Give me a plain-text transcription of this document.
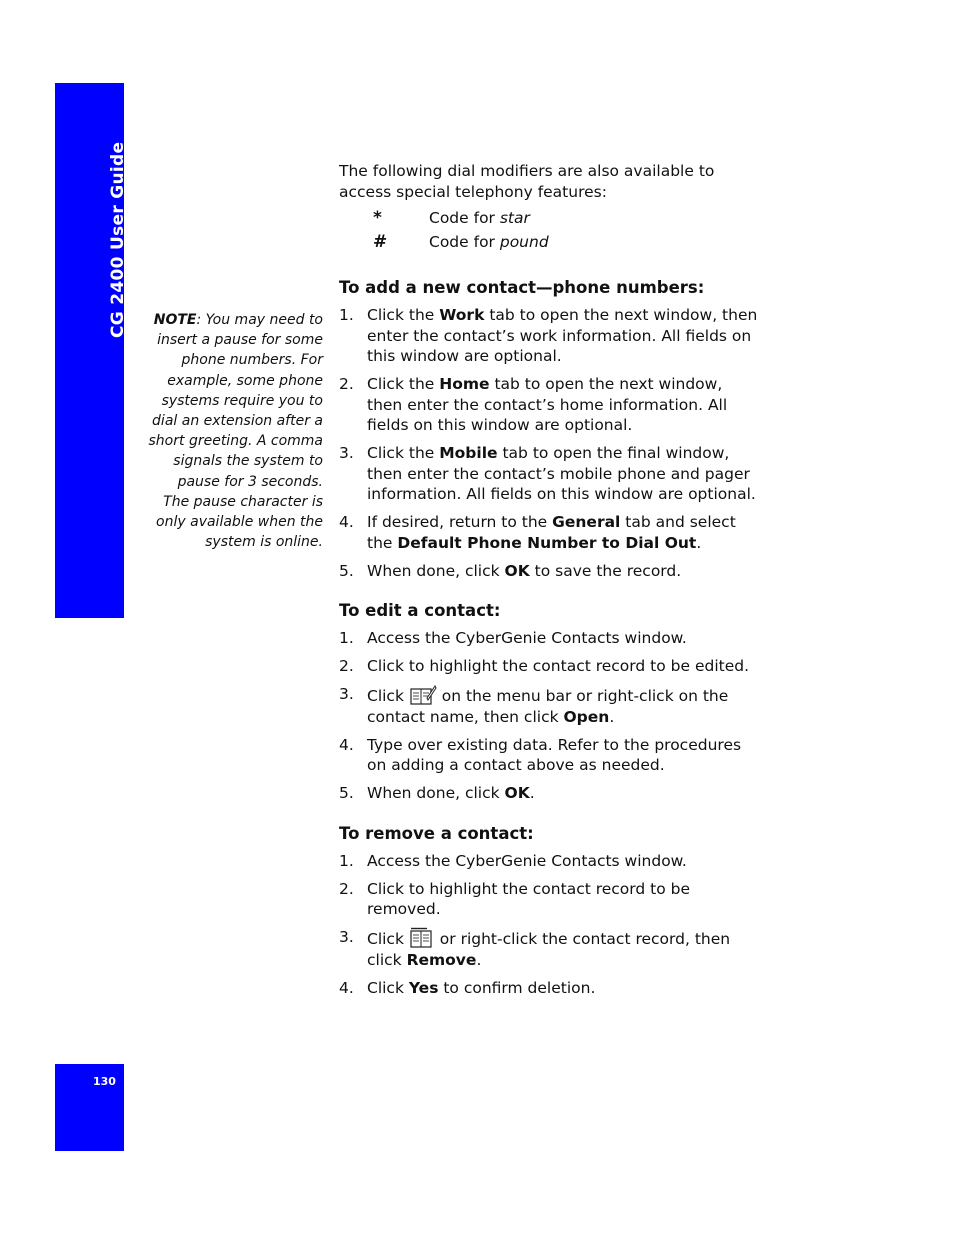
CG 2400 User Guide
130
NOTE: You may need to insert a pause for some phone numbers. For example, some phone systems require you to dial an extension after a short greeting. A comma signals the system to pause for 3 seconds. The pause character is only available when the system is online.

The following dial modifiers are also available to access special telephony features:

*	Code for star
#	Code for pound
To add a new contact—phone numbers:
1. Click the Work tab to open the next window, then enter the contact’s work information. All fields on this window are optional.
2. Click the Home tab to open the next window, then enter the contact’s home information. All fields on this window are optional.
3. Click the Mobile tab to open the final window, then enter the contact’s mobile phone and pager information. All fields on this window are optional.
4. If desired, return to the General tab and select the Default Phone Number to Dial Out.
5. When done, click OK to save the record.
To edit a contact:
1. Access the CyberGenie Contacts window.
2. Click to highlight the contact record to be edited.
3. Click
on the menu bar or right-click on the contact name, then click Open.
4. Type over existing data. Refer to the procedures on adding a contact above as needed.
5. When done, click OK.
To remove a contact:
1. Access the CyberGenie Contacts window.
2. Click to highlight the contact record to be removed.
3. Click
or right-click the contact record, then click Remove.
4. Click Yes to confirm deletion.
